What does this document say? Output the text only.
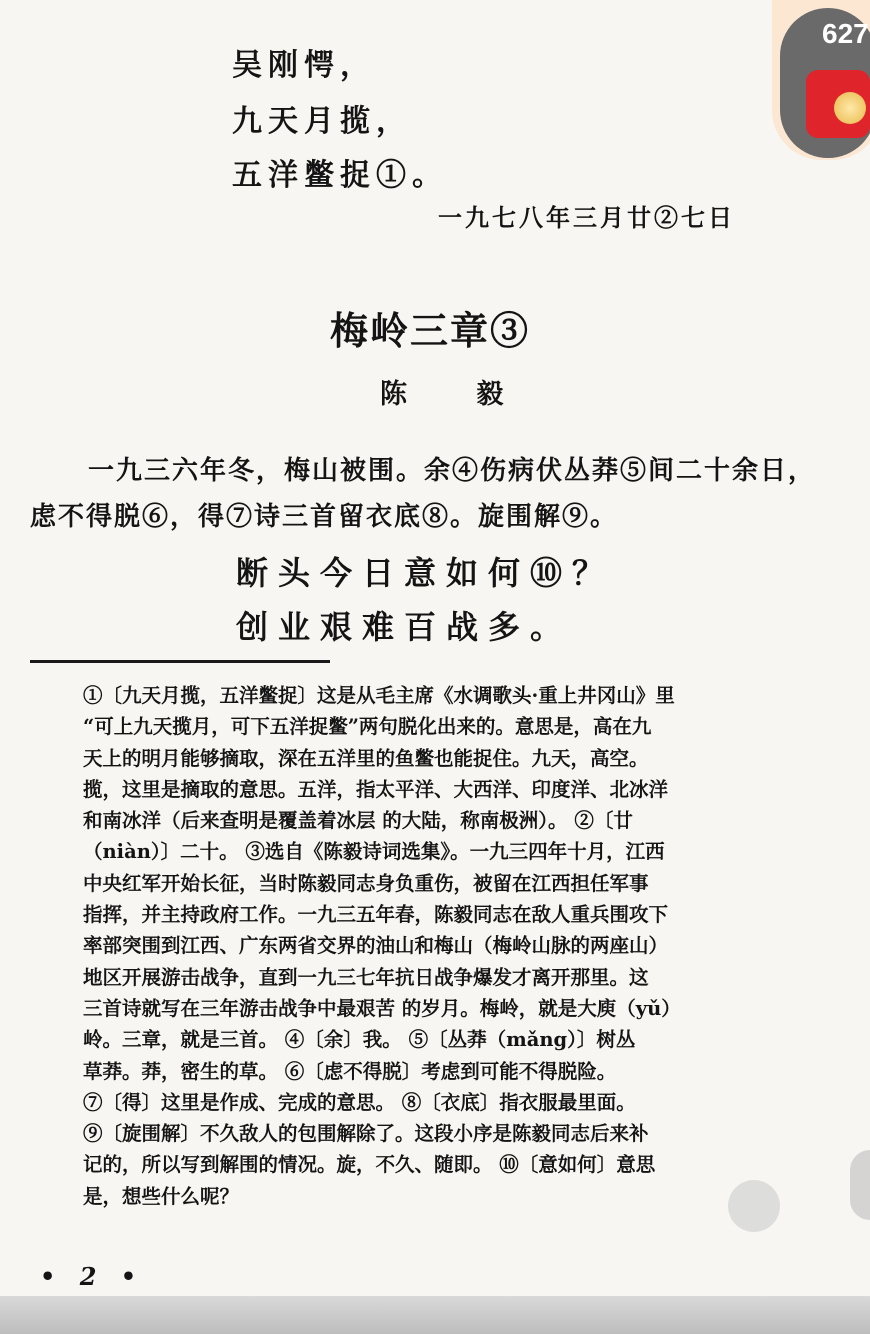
吴刚愕，
九天月揽，
五洋鳖捉①。
一九七八年三月廿②七日
梅岭三章③
陈 毅

一九三六年冬，梅山被围。余④伤病伏丛莽⑤间二十余日，

虑不得脱⑥，得⑦诗三首留衣底⑧。旋围解⑨。

断头今日意如何⑩？
创业艰难百战多。
①〔九天月揽，五洋鳖捉〕这是从毛主席《水调歌头·重上井冈山》里
“可上九天揽月，可下五洋捉鳖”两句脱化出来的。意思是，高在九
天上的明月能够摘取，深在五洋里的鱼鳖也能捉住。九天，高空。
揽，这里是摘取的意思。五洋，指太平洋、大西洋、印度洋、北冰洋
和南冰洋（后来查明是覆盖着冰层 的大陆，称南极洲）。 ②〔廿
（niàn）〕二十。 ③选自《陈毅诗词选集》。一九三四年十月，江西
中央红军开始长征，当时陈毅同志身负重伤，被留在江西担任军事
指挥，并主持政府工作。一九三五年春，陈毅同志在敌人重兵围攻下
率部突围到江西、广东两省交界的油山和梅山（梅岭山脉的两座山）
地区开展游击战争，直到一九三七年抗日战争爆发才离开那里。这
三首诗就写在三年游击战争中最艰苦 的岁月。梅岭，就是大庾（yǔ）
岭。三章，就是三首。 ④〔余〕我。 ⑤〔丛莽（mǎng）〕树丛
草莽。莽，密生的草。 ⑥〔虑不得脱〕考虑到可能不得脱险。
⑦〔得〕这里是作成、完成的意思。 ⑧〔衣底〕指衣服最里面。
⑨〔旋围解〕不久敌人的包围解除了。这段小序是陈毅同志后来补
记的，所以写到解围的情况。旋，不久、随即。 ⑩〔意如何〕意思
是，想些什么呢？
• 2 •
627
